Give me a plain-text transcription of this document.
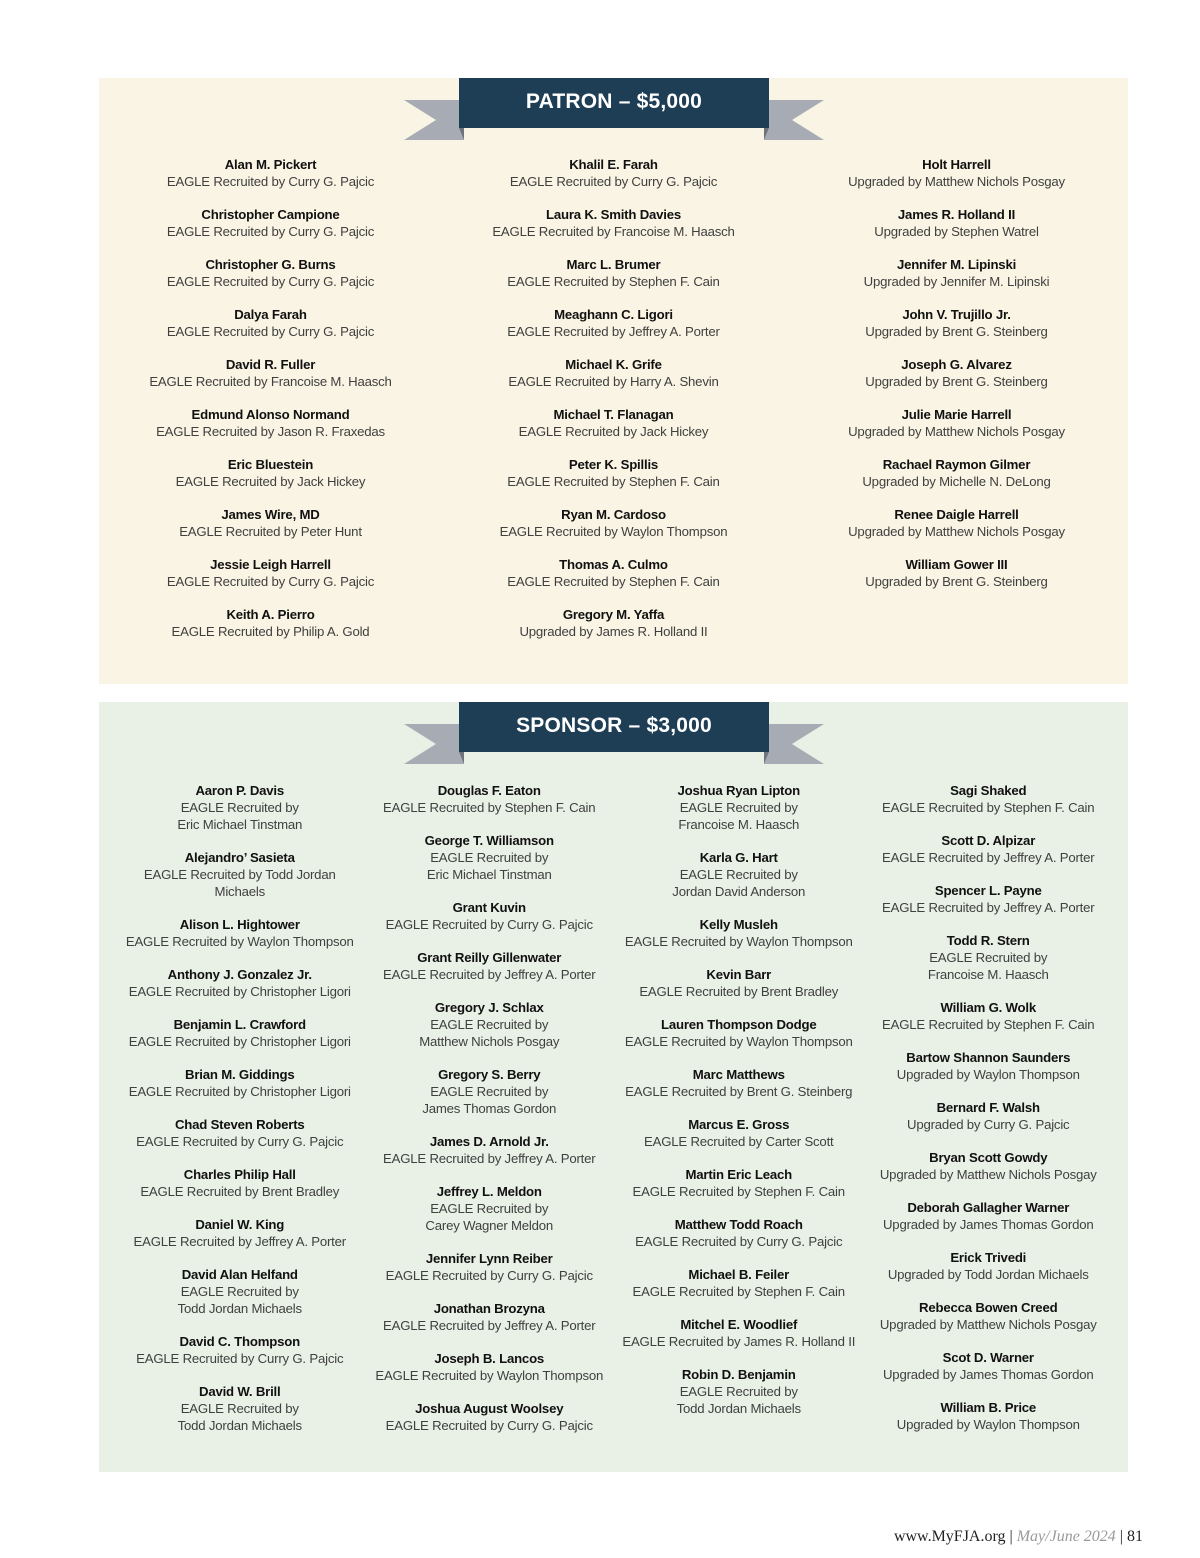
PATRON – $5,000
Alan M. Pickert
EAGLE Recruited by Curry G. Pajcic
Christopher Campione
EAGLE Recruited by Curry G. Pajcic
Christopher G. Burns
EAGLE Recruited by Curry G. Pajcic
Dalya Farah
EAGLE Recruited by Curry G. Pajcic
David R. Fuller
EAGLE Recruited by Francoise M. Haasch
Edmund Alonso Normand
EAGLE Recruited by Jason R. Fraxedas
Eric Bluestein
EAGLE Recruited by Jack Hickey
James Wire, MD
EAGLE Recruited by Peter Hunt
Jessie Leigh Harrell
EAGLE Recruited by Curry G. Pajcic
Keith A. Pierro
EAGLE Recruited by Philip A. Gold
Khalil E. Farah
EAGLE Recruited by Curry G. Pajcic
Laura K. Smith Davies
EAGLE Recruited by Francoise M. Haasch
Marc L. Brumer
EAGLE Recruited by Stephen F. Cain
Meaghann C. Ligori
EAGLE Recruited by Jeffrey A. Porter
Michael K. Grife
EAGLE Recruited by Harry A. Shevin
Michael T. Flanagan
EAGLE Recruited by Jack Hickey
Peter K. Spillis
EAGLE Recruited by Stephen F. Cain
Ryan M. Cardoso
EAGLE Recruited by Waylon Thompson
Thomas A. Culmo
EAGLE Recruited by Stephen F. Cain
Gregory M. Yaffa
Upgraded by James R. Holland II
Holt Harrell
Upgraded by Matthew Nichols Posgay
James R. Holland II
Upgraded by Stephen Watrel
Jennifer M. Lipinski
Upgraded by Jennifer M. Lipinski
John V. Trujillo Jr.
Upgraded by Brent G. Steinberg
Joseph G. Alvarez
Upgraded by Brent G. Steinberg
Julie Marie Harrell
Upgraded by Matthew Nichols Posgay
Rachael Raymon Gilmer
Upgraded by Michelle N. DeLong
Renee Daigle Harrell
Upgraded by Matthew Nichols Posgay
William Gower III
Upgraded by Brent G. Steinberg
SPONSOR – $3,000
Aaron P. Davis
EAGLE Recruited by
Eric Michael Tinstman
Alejandro’ Sasieta
EAGLE Recruited by Todd Jordan
Michaels
Alison L. Hightower
EAGLE Recruited by Waylon Thompson
Anthony J. Gonzalez Jr.
EAGLE Recruited by Christopher Ligori
Benjamin L. Crawford
EAGLE Recruited by Christopher Ligori
Brian M. Giddings
EAGLE Recruited by Christopher Ligori
Chad Steven Roberts
EAGLE Recruited by Curry G. Pajcic
Charles Philip Hall
EAGLE Recruited by Brent Bradley
Daniel W. King
EAGLE Recruited by Jeffrey A. Porter
David Alan Helfand
EAGLE Recruited by
Todd Jordan Michaels
David C. Thompson
EAGLE Recruited by Curry G. Pajcic
David W. Brill
EAGLE Recruited by
Todd Jordan Michaels
Douglas F. Eaton
EAGLE Recruited by Stephen F. Cain
George T. Williamson
EAGLE Recruited by
Eric Michael Tinstman
Grant Kuvin
EAGLE Recruited by Curry G. Pajcic
Grant Reilly Gillenwater
EAGLE Recruited by Jeffrey A. Porter
Gregory J. Schlax
EAGLE Recruited by
Matthew Nichols Posgay
Gregory S. Berry
EAGLE Recruited by
James Thomas Gordon
James D. Arnold Jr.
EAGLE Recruited by Jeffrey A. Porter
Jeffrey L. Meldon
EAGLE Recruited by
Carey Wagner Meldon
Jennifer Lynn Reiber
EAGLE Recruited by Curry G. Pajcic
Jonathan Brozyna
EAGLE Recruited by Jeffrey A. Porter
Joseph B. Lancos
EAGLE Recruited by Waylon Thompson
Joshua August Woolsey
EAGLE Recruited by Curry G. Pajcic
Joshua Ryan Lipton
EAGLE Recruited by
Francoise M. Haasch
Karla G. Hart
EAGLE Recruited by
Jordan David Anderson
Kelly Musleh
EAGLE Recruited by Waylon Thompson
Kevin Barr
EAGLE Recruited by Brent Bradley
Lauren Thompson Dodge
EAGLE Recruited by Waylon Thompson
Marc Matthews
EAGLE Recruited by Brent G. Steinberg
Marcus E. Gross
EAGLE Recruited by Carter Scott
Martin Eric Leach
EAGLE Recruited by Stephen F. Cain
Matthew Todd Roach
EAGLE Recruited by Curry G. Pajcic
Michael B. Feiler
EAGLE Recruited by Stephen F. Cain
Mitchel E. Woodlief
EAGLE Recruited by James R. Holland II
Robin D. Benjamin
EAGLE Recruited by
Todd Jordan Michaels
Sagi Shaked
EAGLE Recruited by Stephen F. Cain
Scott D. Alpizar
EAGLE Recruited by Jeffrey A. Porter
Spencer L. Payne
EAGLE Recruited by Jeffrey A. Porter
Todd R. Stern
EAGLE Recruited by
Francoise M. Haasch
William G. Wolk
EAGLE Recruited by Stephen F. Cain
Bartow Shannon Saunders
Upgraded by Waylon Thompson
Bernard F. Walsh
Upgraded by Curry G. Pajcic
Bryan Scott Gowdy
Upgraded by Matthew Nichols Posgay
Deborah Gallagher Warner
Upgraded by James Thomas Gordon
Erick Trivedi
Upgraded by Todd Jordan Michaels
Rebecca Bowen Creed
Upgraded by Matthew Nichols Posgay
Scot D. Warner
Upgraded by James Thomas Gordon
William B. Price
Upgraded by Waylon Thompson
www.MyFJA.org | May/June 2024 | 81
